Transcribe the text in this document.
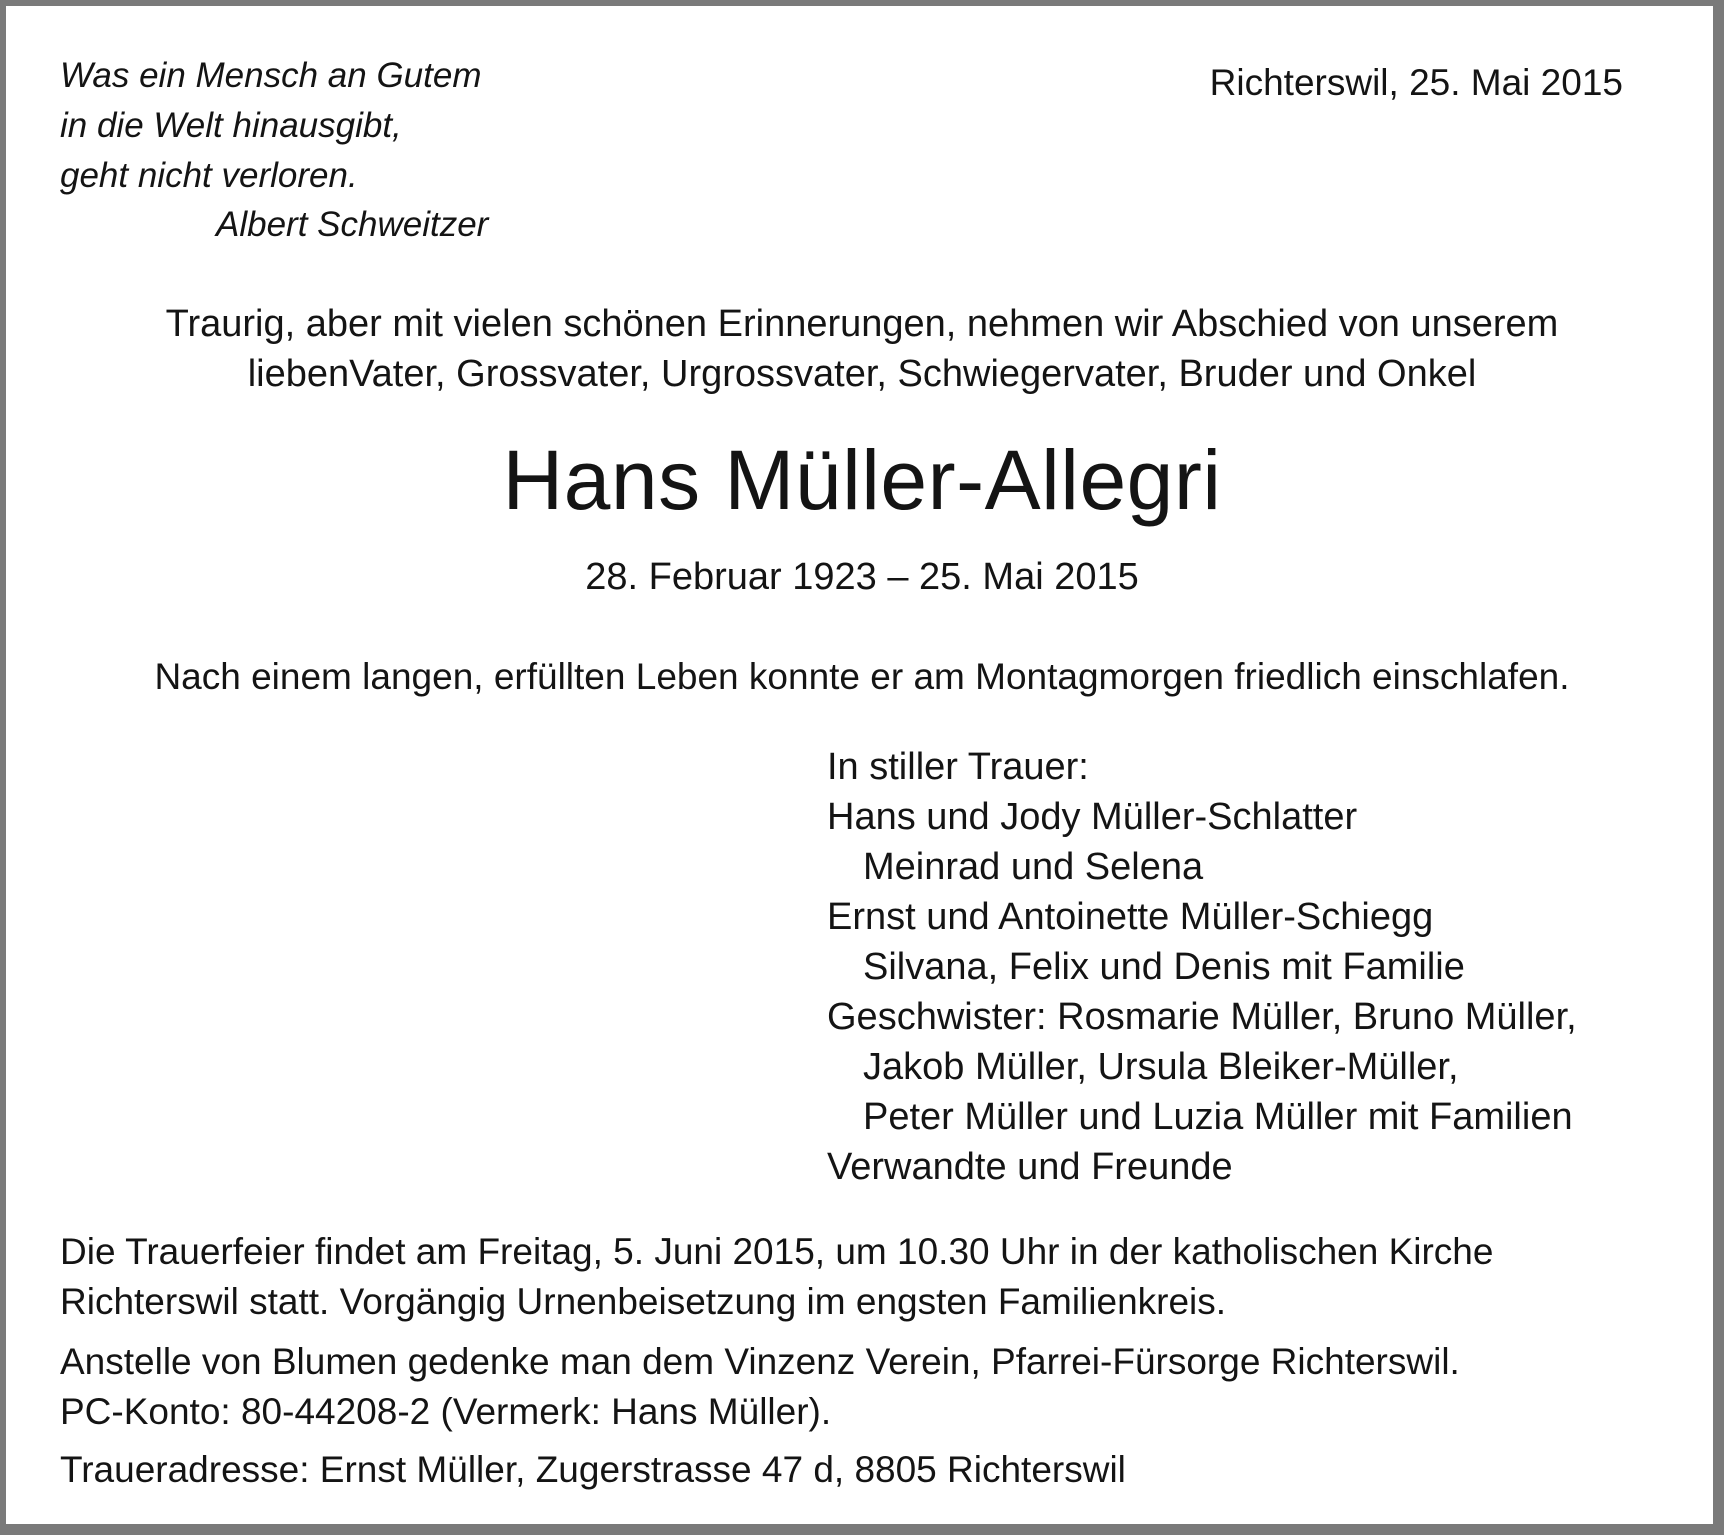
Was ein Mensch an Gutem
in die Welt hinausgibt,
geht nicht verloren.
Albert Schweitzer
Richterswil, 25. Mai 2015
Traurig, aber mit vielen schönen Erinnerungen, nehmen wir Abschied von unserem
liebenVater, Grossvater, Urgrossvater, Schwiegervater, Bruder und Onkel
Hans Müller-Allegri
28. Februar 1923 – 25. Mai 2015
Nach einem langen, erfüllten Leben konnte er am Montagmorgen friedlich einschlafen.
In stiller Trauer:
Hans und Jody Müller-Schlatter
Meinrad und Selena
Ernst und Antoinette Müller-Schiegg
Silvana, Felix und Denis mit Familie
Geschwister: Rosmarie Müller, Bruno Müller,
Jakob Müller, Ursula Bleiker-Müller,
Peter Müller und Luzia Müller mit Familien
Verwandte und Freunde
Die Trauerfeier findet am Freitag, 5. Juni 2015, um 10.30 Uhr in der katholischen Kirche
Richterswil statt. Vorgängig Urnenbeisetzung im engsten Familienkreis.
Anstelle von Blumen gedenke man dem Vinzenz Verein, Pfarrei-Fürsorge Richterswil.
PC-Konto: 80-44208-2 (Vermerk: Hans Müller).
Traueradresse: Ernst Müller, Zugerstrasse 47 d, 8805 Richterswil
